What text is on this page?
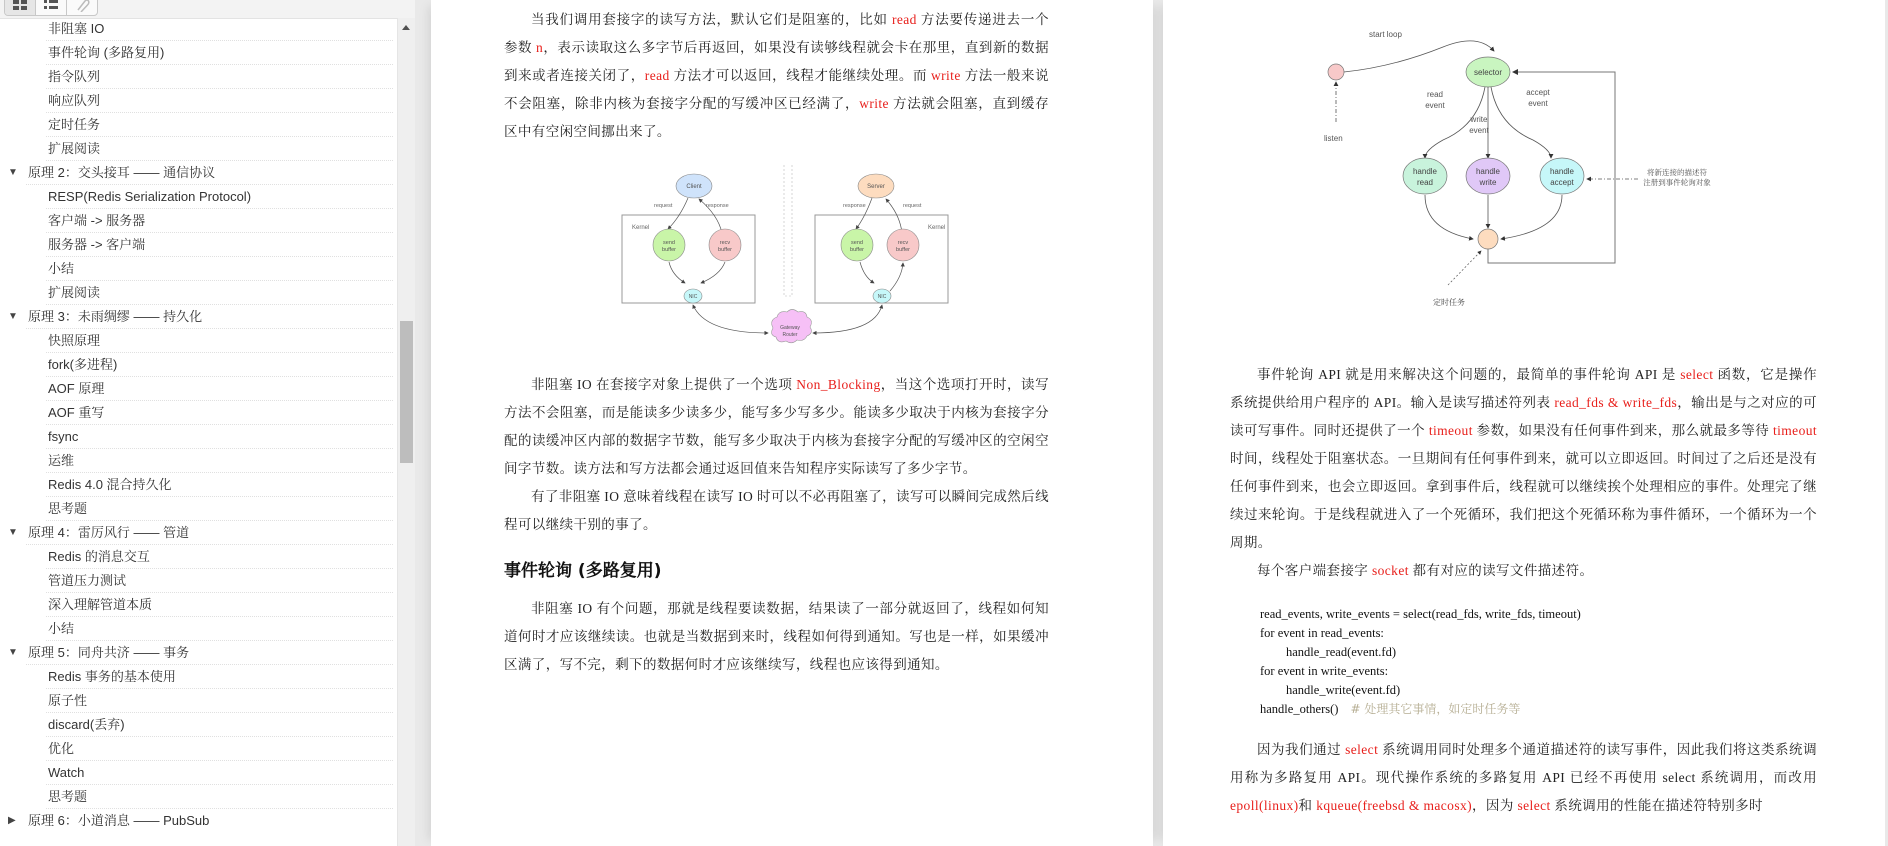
非阻塞 IO
事件轮询 (多路复用)
指令队列
响应队列
定时任务
扩展阅读
▼ 原理 2：交头接耳 —— 通信协议
RESP(Redis Serialization Protocol)
客户端 -> 服务器
服务器 -> 客户端
小结
扩展阅读
▼ 原理 3：未雨绸缪 —— 持久化
快照原理
fork(多进程)
AOF 原理
AOF 重写
fsync
运维
Redis 4.0 混合持久化
思考题
▼ 原理 4：雷厉风行 —— 管道
Redis 的消息交互
管道压力测试
深入理解管道本质
小结
▼ 原理 5：同舟共济 —— 事务
Redis 事务的基本使用
原子性
discard(丢弃)
优化
Watch
思考题
▶ 原理 6：小道消息 —— PubSub

当我们调用套接字的读写方法，默认它们是阻塞的，比如 read 方法要传递进去一个参数 n，表示读取这么多字节后再返回，如果没有读够线程就会卡在那里，直到新的数据到来或者连接关闭了，read 方法才可以返回，线程才能继续处理。而 write 方法一般来说不会阻塞，除非内核为套接字分配的写缓冲区已经满了，write 方法就会阻塞，直到缓存区中有空闲空间挪出来了。

Kernel
Client
request	response
send
buffer
recv
buffer
NIC
Kernel
Server
response	request
send
buffer
recv
buffer
NIC
Gateway
Router

非阻塞 IO 在套接字对象上提供了一个选项 Non_Blocking，当这个选项打开时，读写方法不会阻塞，而是能读多少读多少，能写多少写多少。能读多少取决于内核为套接字分配的读缓冲区内部的数据字节数，能写多少取决于内核为套接字分配的写缓冲区的空闲空间字节数。读方法和写方法都会通过返回值来告知程序实际读写了多少字节。

有了非阻塞 IO 意味着线程在读写 IO 时可以不必再阻塞了，读写可以瞬间完成然后线程可以继续干别的事了。

事件轮询 (多路复用)

非阻塞 IO 有个问题，那就是线程要读数据，结果读了一部分就返回了，线程如何知道何时才应该继续读。也就是当数据到来时，线程如何得到通知。写也是一样，如果缓冲区满了，写不完，剩下的数据何时才应该继续写，线程也应该得到通知。

start loop
listen
selector
read
event
write
event
accept
event
handle
read
handle
write
handle
accept
将新连接的描述符
注册到事件轮询对象
定时任务

事件轮询 API 就是用来解决这个问题的，最简单的事件轮询 API 是 select 函数，它是操作系统提供给用户程序的 API。输入是读写描述符列表 read_fds & write_fds，输出是与之对应的可读可写事件。同时还提供了一个 timeout 参数，如果没有任何事件到来，那么就最多等待 timeout 时间，线程处于阻塞状态。一旦期间有任何事件到来，就可以立即返回。时间过了之后还是没有任何事件到来，也会立即返回。拿到事件后，线程就可以继续挨个处理相应的事件。处理完了继续过来轮询。于是线程就进入了一个死循环，我们把这个死循环称为事件循环，一个循环为一个周期。

每个客户端套接字 socket 都有对应的读写文件描述符。

read_events, write_events = select(read_fds, write_fds, timeout)
for event in read_events:
handle_read(event.fd)
for event in write_events:
handle_write(event.fd)
handle_others() # 处理其它事情，如定时任务等

因为我们通过 select 系统调用同时处理多个通道描述符的读写事件，因此我们将这类系统调用称为多路复用 API。现代操作系统的多路复用 API 已经不再使用 select 系统调用，而改用 epoll(linux)和 kqueue(freebsd & macosx)，因为 select 系统调用的性能在描述符特别多时
